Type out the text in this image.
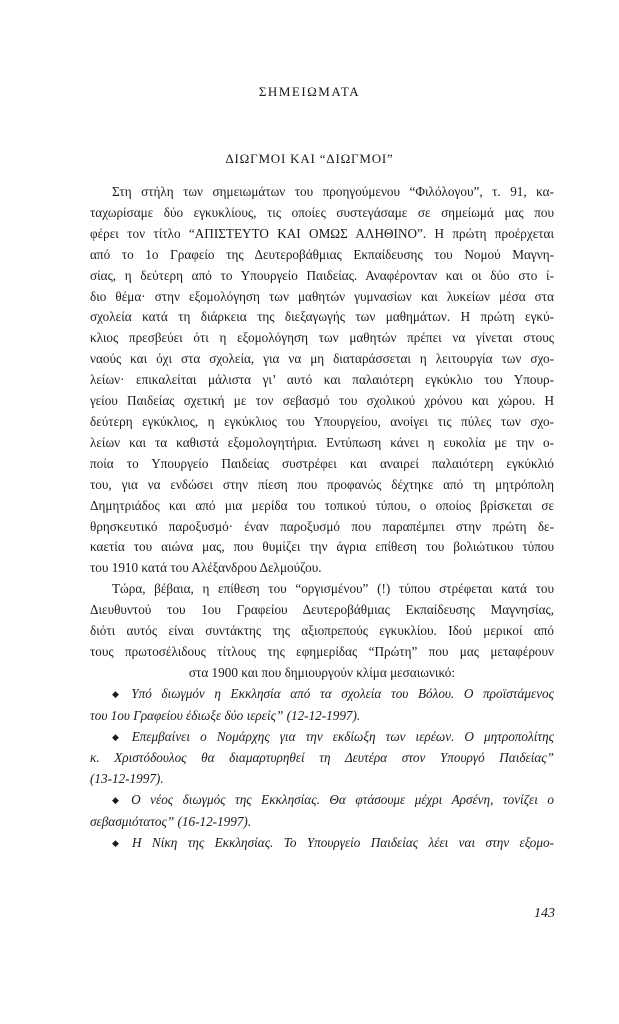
ΣΗΜΕΙΩΜΑΤΑ
ΔΙΩΓΜΟΙ ΚΑΙ “ΔΙΩΓΜΟΙ”
Στη στήλη των σημειωμάτων του προηγούμενου “Φιλόλογου”, τ. 91, κα-
ταχωρίσαμε δύο εγκυκλίους, τις οποίες συστεγάσαμε σε σημείωμά μας που
φέρει τον τίτλο “ΑΠΙΣΤΕΥΤΟ ΚΑΙ ΟΜΩΣ ΑΛΗΘΙΝΟ”. Η πρώτη προέρχεται
από το 1ο Γραφείο της Δευτεροβάθμιας Εκπαίδευσης του Νομού Μαγνη-
σίας, η δεύτερη από το Υπουργείο Παιδείας. Αναφέρονταν και οι δύο στο ί-
διο θέμα· στην εξομολόγηση των μαθητών γυμνασίων και λυκείων μέσα στα
σχολεία κατά τη διάρκεια της διεξαγωγής των μαθημάτων. Η πρώτη εγκύ-
κλιος πρεσβεύει ότι η εξομολόγηση των μαθητών πρέπει να γίνεται στους
ναούς και όχι στα σχολεία, για να μη διαταράσσεται η λειτουργία των σχο-
λείων· επικαλείται μάλιστα γι’ αυτό και παλαιότερη εγκύκλιο του Υπουρ-
γείου Παιδείας σχετική με τον σεβασμό του σχολικού χρόνου και χώρου. Η
δεύτερη εγκύκλιος, η εγκύκλιος του Υπουργείου, ανοίγει τις πύλες των σχο-
λείων και τα καθιστά εξομολογητήρια. Εντύπωση κάνει η ευκολία με την ο-
ποία το Υπουργείο Παιδείας συστρέφει και αναιρεί παλαιότερη εγκύκλιό
του, για να ενδώσει στην πίεση που προφανώς δέχτηκε από τη μητρόπολη
Δημητριάδος και από μια μερίδα του τοπικού τύπου, ο οποίος βρίσκεται σε
θρησκευτικό παροξυσμό· έναν παροξυσμό που παραπέμπει στην πρώτη δε-
καετία του αιώνα μας, που θυμίζει την άγρια επίθεση του βολιώτικου τύπου
του 1910 κατά του Αλέξανδρου Δελμούζου.
Τώρα, βέβαια, η επίθεση του “οργισμένου” (!) τύπου στρέφεται κατά του
Διευθυντού του 1ου Γραφείου Δευτεροβάθμιας Εκπαίδευσης Μαγνησίας,
διότι αυτός είναι συντάκτης της αξιοπρεπούς εγκυκλίου. Ιδού μερικοί από
τους πρωτοσέλιδους τίτλους της εφημερίδας “Πρώτη” που μας μεταφέρουν
στα 1900 και που δημιουργούν κλίμα μεσαιωνικό:
◆ Υπό διωγμόν η Εκκλησία από τα σχολεία του Βόλου. Ο προϊστάμενος
του 1ου Γραφείου έδιωξε δύο ιερείς” (12-12-1997).
◆ Επεμβαίνει ο Νομάρχης για την εκδίωξη των ιερέων. Ο μητροπολίτης
κ. Χριστόδουλος θα διαμαρτυρηθεί τη Δευτέρα στον Υπουργό Παιδείας”
(13-12-1997).
◆ Ο νέος διωγμός της Εκκλησίας. Θα φτάσουμε μέχρι Αρσένη, τονίζει ο
σεβασμιότατος” (16-12-1997).
◆ Η Νίκη της Εκκλησίας. Το Υπουργείο Παιδείας λέει ναι στην εξομο-
143
